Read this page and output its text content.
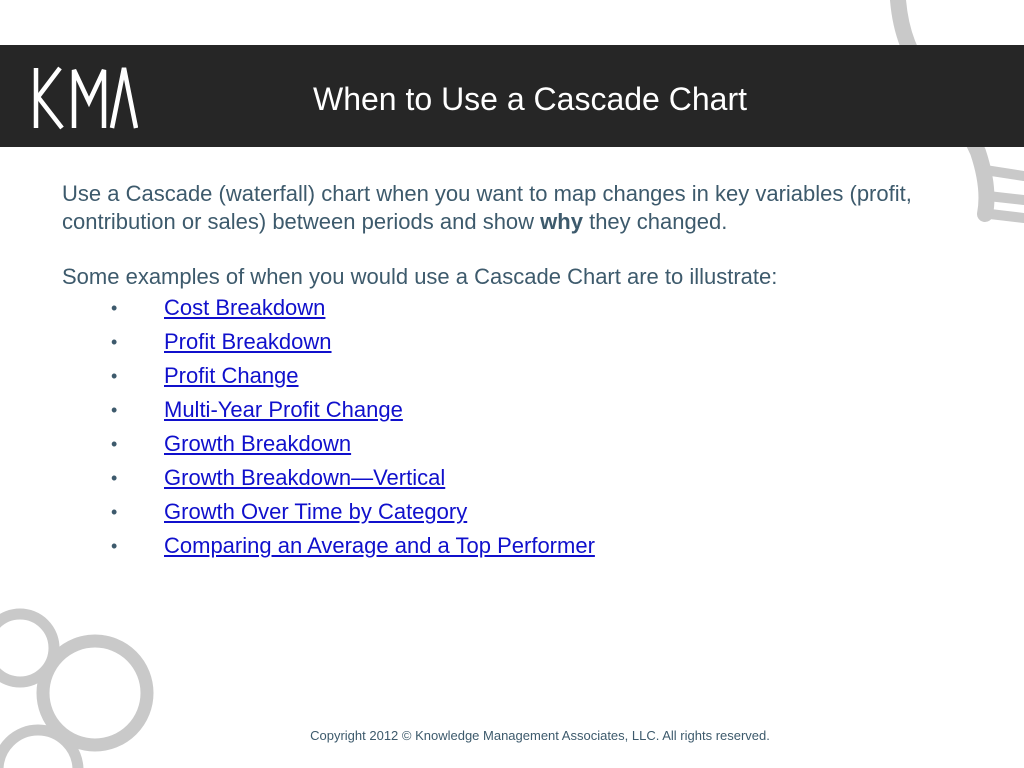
When to Use a Cascade Chart

Use a Cascade (waterfall) chart when you want to map changes in key variables (profit, contribution or sales) between periods and show why they changed.

Some examples of when you would use a Cascade Chart are to illustrate:

• Cost Breakdown
• Profit Breakdown
• Profit Change
• Multi-Year Profit Change
• Growth Breakdown
• Growth Breakdown—Vertical
• Growth Over Time by Category
• Comparing an Average and a Top Performer
Copyright 2012 © Knowledge Management Associates, LLC. All rights reserved.
